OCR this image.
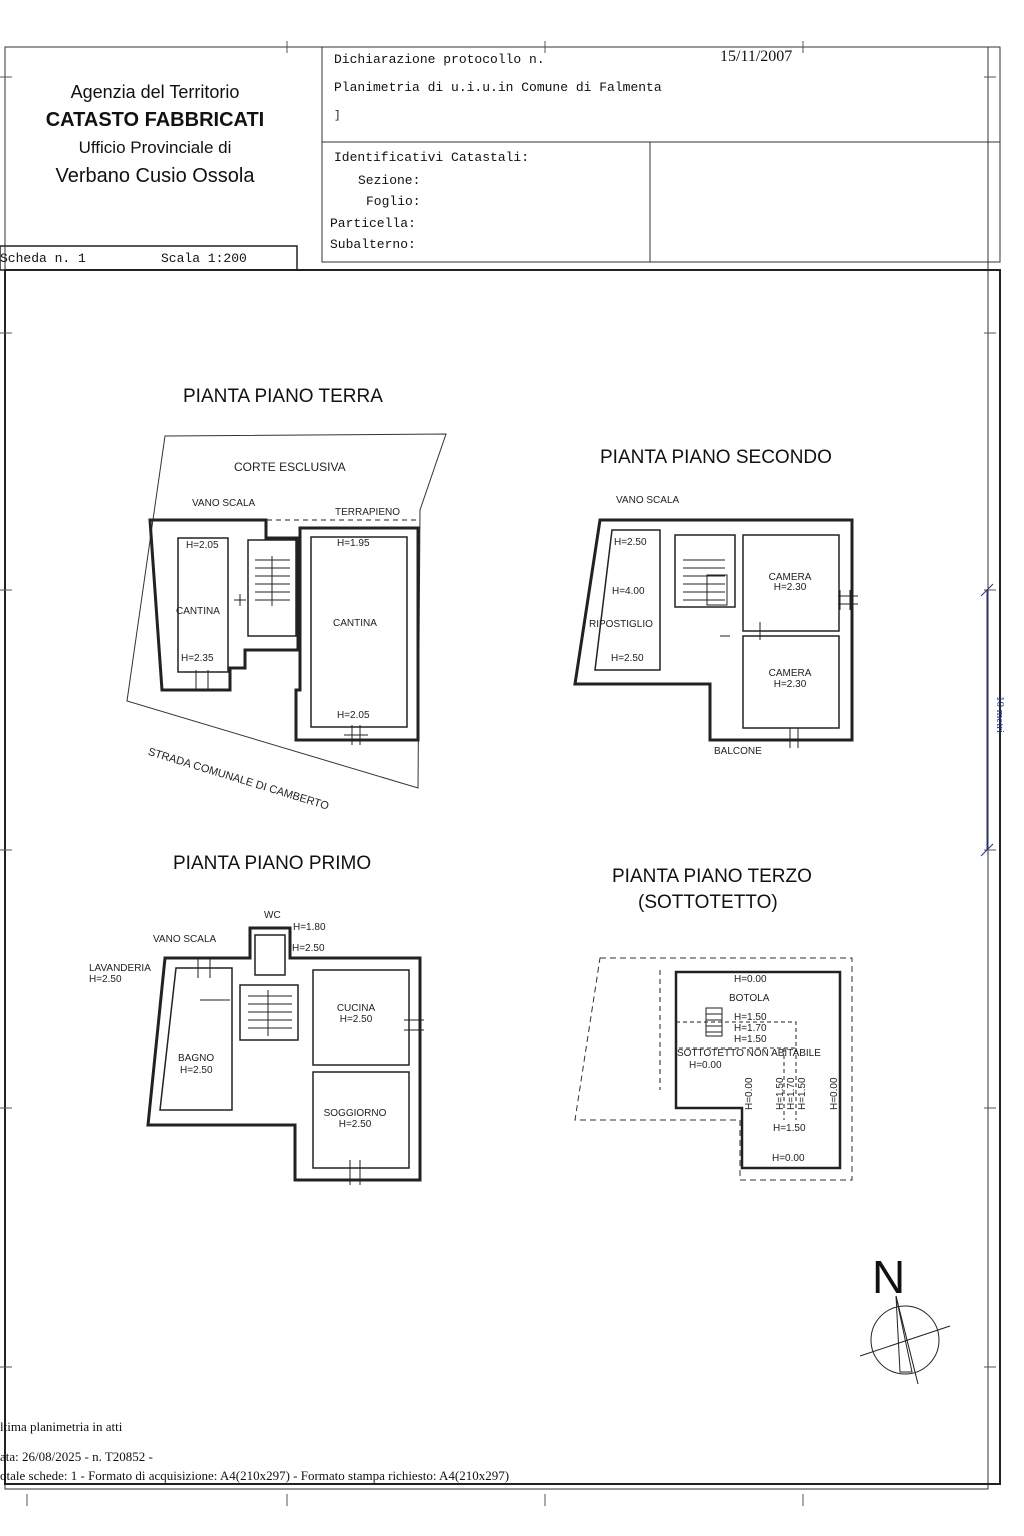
Agenzia del Territorio
CATASTO FABBRICATI
Ufficio Provinciale di
Verbano Cusio Ossola
Dichiarazione protocollo n.	15/11/2007
Planimetria di u.i.u.in Comune di Falmenta
]
Identificativi Catastali:
Sezione:
Foglio:
Particella:
Subalterno:
Scheda n. 1	Scala 1:200
PIANTA PIANO TERRA
CORTE ESCLUSIVA
VANO SCALA
TERRAPIENO
H=2.05	H=1.95
CANTINA
CANTINA
H=2.35
H=2.05
STRADA COMUNALE DI CAMBERTO
PIANTA PIANO SECONDO
VANO SCALA
H=2.50
CAMERA
H=2.30
H=4.00
RIPOSTIGLIO
H=2.50
CAMERA
H=2.30
BALCONE
PIANTA PIANO PRIMO
WC
H=1.80
H=2.50
VANO SCALA
LAVANDERIA
H=2.50
CUCINA
H=2.50
BAGNO
H=2.50
SOGGIORNO
H=2.50
PIANTA PIANO TERZO
(SOTTOTETTO)
H=0.00
BOTOLA
H=1.50
H=1.70
H=1.50
SOTTOTETTO NON ABITABILE
H=0.00
H=0.00 H=1.50 H=1.70 H=1.50 H=0.00
H=1.50
H=0.00
N
10 metri
ltima planimetria in atti
ata: 26/08/2025 - n. T20852 -
otale schede: 1 - Formato di acquisizione: A4(210x297) - Formato stampa richiesto: A4(210x297)
